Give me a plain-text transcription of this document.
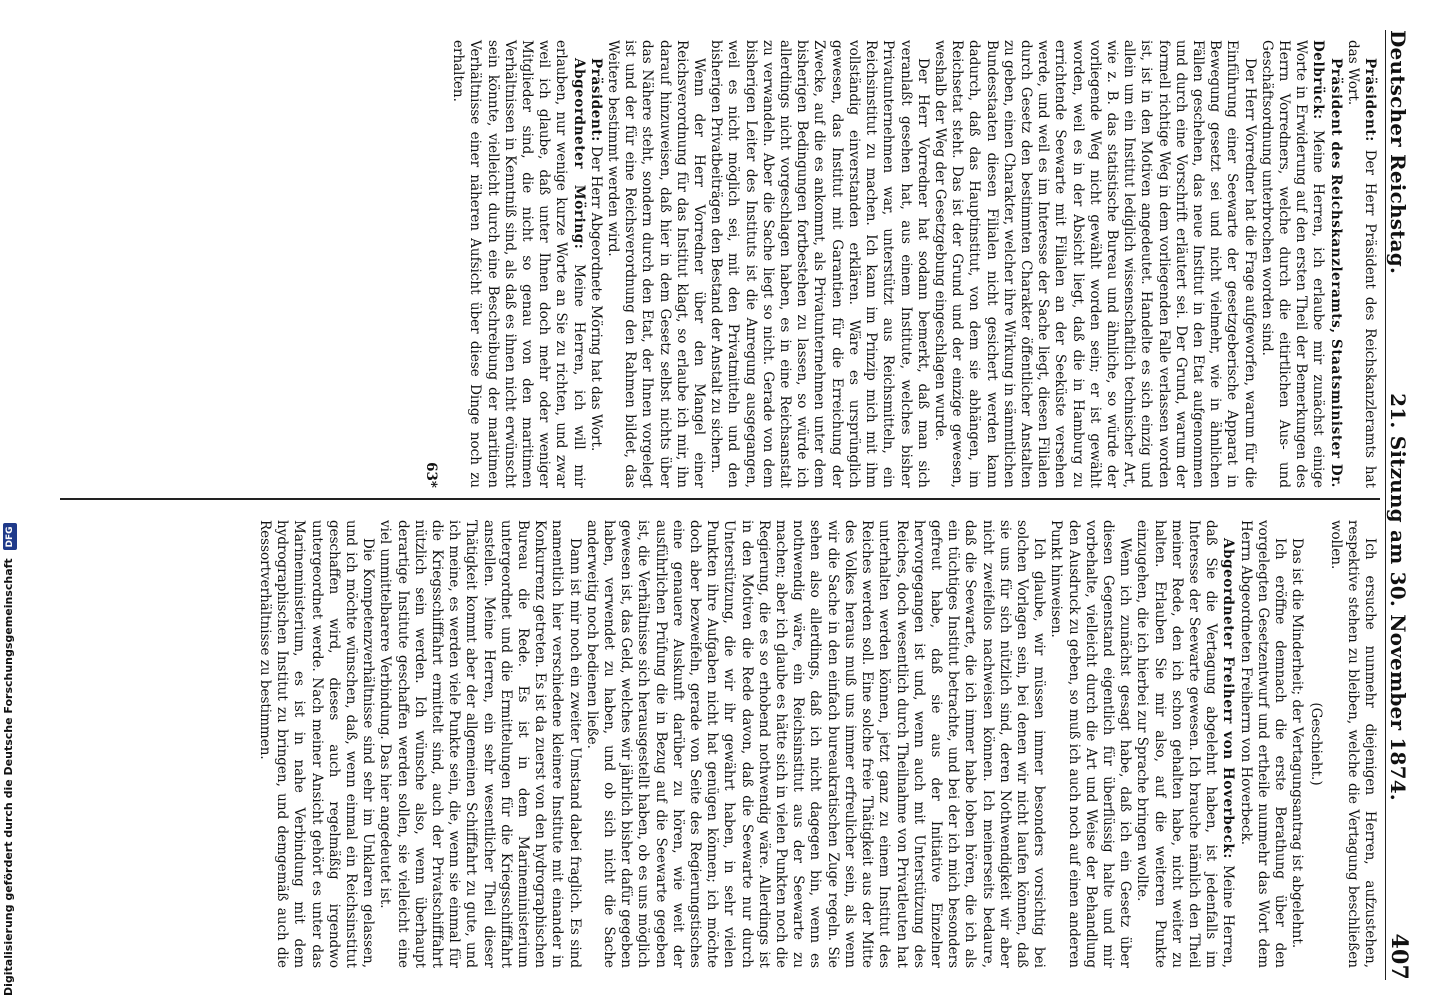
Deutscher Reichstag.
21. Sitzung am 30. November 1874.
407

Präsident: Der Herr Präsident des Reichskanzleramts hat das Wort.

Präsident des Reichskanzleramts, Staatsminister Dr. Delbrück: Meine Herren, ich erlaube mir zunächst einige Worte in Erwiderung auf den ersten Theil der Bemerkungen des Herrn Vorredners, welche durch die eitirtlichen Aus- und Geschäftsordnung unterbrochen worden sind.

Der Herr Vorredner hat die Frage aufgeworfen, warum für die Einführung einer Seewarte der gesetzgeberische Apparat in Bewegung gesetzt sei und nicht vielmehr, wie in ähnlichen Fällen geschehen, das neue Institut in den Etat aufgenommen und durch eine Vorschrift erläutert sei. Der Grund, warum der formell richtige Weg in dem vorliegenden Falle verlassen worden ist, ist in den Motiven angedeutet. Handelte es sich einzig und allein um ein Institut lediglich wissenschaftlich technischer Art, wie z. B. das statistische Bureau und ähnliche, so würde der vorliegende Weg nicht gewählt worden sein; er ist gewählt worden, weil es in der Absicht liegt, daß die in Hamburg zu errichtende Seewarte mit Filialen an der Seeküste versehen werde, und weil es im Interesse der Sache liegt, diesen Filialen durch Gesetz den bestimmten Charakter öffentlicher Anstalten zu geben, einen Charakter, welcher ihre Wirkung in sämmtlichen Bundesstaaten diesen Filialen nicht gesichert werden kann dadurch, daß das Hauptinstitut, von dem sie abhängen, im Reichsetat steht. Das ist der Grund und der einzige gewesen, weshalb der Weg der Gesetzgebung eingeschlagen wurde.

Der Herr Vorredner hat sodann bemerkt, daß man sich veranlaßt gesehen hat, aus einem Institute, welches bisher Privatunternehmen war, unterstützt aus Reichsmitteln, ein Reichsinstitut zu machen. Ich kann im Prinzip mich mit ihm vollständig einverstanden erklären. Wäre es ursprünglich gewesen, das Institut mit Garantien für die Erreichung der Zwecke, auf die es ankommt, als Privatunternehmen unter dem bisherigen Bedingungen fortbestehen zu lassen, so würde ich allerdings nicht vorgeschlagen haben, es in eine Reichsanstalt zu verwandeln. Aber die Sache liegt so nicht. Gerade von dem bisherigen Leiter des Instituts ist die Anregung ausgegangen, weil es nicht möglich sei, mit den Privatmitteln und den bisherigen Privatbeiträgen den Bestand der Anstalt zu sichern.

Wenn der Herr Vorredner über den Mangel einer Reichsverordnung für das Institut klagt, so erlaube ich mir, ihn darauf hinzuweisen, daß hier in dem Gesetz selbst nichts über das Nähere steht, sondern durch den Etat, der Ihnen vorgelegt ist und der für eine Reichsverordnung den Rahmen bildet, das Weitere bestimmt werden wird.

Präsident: Der Herr Abgeordnete Möring hat das Wort.

Abgeordneter Möring: Meine Herren, ich will mir erlauben, nur wenige kurze Worte an Sie zu richten, und zwar weil ich glaube, daß unter Ihnen doch mehr oder weniger Mitglieder sind, die nicht so genau von den maritimen Verhältnissen in Kenntniß sind, als daß es ihnen nicht erwünscht sein könnte, vielleicht durch eine Beschreibung der maritimen Verhältnisse einer näheren Aufsicht über diese Dinge noch zu erhalten.

63*

Ich ersuche nunmehr diejenigen Herren, aufzustehen, respektive stehen zu bleiben, welche die Vertagung beschließen wollen.

(Geschieht.)

Das ist die Minderheit; der Vertagungsantrag ist abgelehnt.

Ich eröffne demnach die erste Berathung über den vorgelegten Gesetzentwurf und ertheile nunmehr das Wort dem Herrn Abgeordneten Freiherrn von Hoverbeck.

Abgeordneter Freiherr von Hoverbeck: Meine Herren, daß Sie die Vertagung abgelehnt haben, ist jedenfalls im Interesse der Seewarte gewesen. Ich brauche nämlich den Theil meiner Rede, den ich schon gehalten habe, nicht weiter zu halten. Erlauben Sie mir also, auf die weiteren Punkte einzugehen, die ich hierbei zur Sprache bringen wollte.

Wenn ich zunächst gesagt habe, daß ich ein Gesetz über diesen Gegenstand eigentlich für überflüssig halte und mir vorbehalte, vielleicht durch die Art und Weise der Behandlung den Ausdruck zu geben, so muß ich auch noch auf einen anderen Punkt hinweisen.

Ich glaube, wir müssen immer besonders vorsichtig bei solchen Vorlagen sein, bei denen wir nicht laufen können, daß sie uns für sich nützlich sind, deren Nothwendigkeit wir aber nicht zweifellos nachweisen können. Ich meinerseits bedaure, daß die Seewarte, die ich immer habe loben hören, die ich als ein tüchtiges Institut betrachte, und bei der ich mich besonders gefreut habe, daß sie aus der Initiative Einzelner hervorgegangen ist und, wenn auch mit Unterstützung des Reiches, doch wesentlich durch Theilnahme von Privatleuten hat unterhalten werden können, jetzt ganz zu einem Institut des Reiches werden soll. Eine solche freie Thätigkeit aus der Mitte des Volkes heraus muß uns immer erfreulicher sein, als wenn wir die Sache in den einfach bureaukratischen Zuge regeln. Sie sehen also allerdings, daß ich nicht dagegen bin, wenn es nothwendig wäre, ein Reichsinstitut aus der Seewarte zu machen; aber ich glaube es hätte sich in vielen Punkten noch die Regierung, die es so erhobend nothwendig wäre. Allerdings ist in den Motiven die Rede davon, daß die Seewarte nur durch Unterstützung, die wir ihr gewährt haben, in sehr vielen Punkten ihre Aufgaben nicht hat genügen können; ich möchte doch aber bezweifeln, gerade von Seite des Regierungstisches eine genauere Auskunft darüber zu hören, wie weit der ausführlichen Prüfung die in Bezug auf die Seewarte gegeben ist, die Verhältnisse sich herausgestellt haben, ob es uns möglich gewesen ist, das Geld, welches wir jährlich bisher dafür gegeben haben, verwendet zu haben, und ob sich nicht die Sache anderweitig noch bedienen ließe.

Dann ist mir noch ein zweiter Umstand dabei fraglich. Es sind namentlich hier verschiedene kleinere Institute mit einander in Konkurrenz getreten. Es ist da zuerst von den hydrographischen Bureau die Rede. Es ist in dem Marineministerium untergeordnet und die Ermittelungen für die Kriegsschifffahrt anstellen. Meine Herren, ein sehr wesentlicher Theil dieser Thätigkeit kommt aber der allgemeinen Schifffahrt zu gute, und ich meine, es werden viele Punkte sein, die, wenn sie einmal für die Kriegsschifffahrt ermittelt sind, auch der Privatschifffahrt nützlich sein werden. Ich wünsche also, wenn überhaupt derartige Institute geschaffen werden sollen, sie vielleicht eine viel unmittelbarere Verbindung. Das hier angedeutet ist.

Die Kompetenzverhältnisse sind sehr im Unklaren gelassen, und ich möchte wünschen, daß, wenn einmal ein Reichsinstitut geschaffen wird, dieses auch regelmäßig irgendwo untergeordnet werde. Nach meiner Ansicht gehört es unter das Marineministerium, es ist in nahe Verbindung mit dem hydrographischen Institut zu bringen, und demgemäß auch die Ressortverhältnisse zu bestimmen.

Digitalisierung gefördert durch die Deutsche Forschungsgemeinschaft DFG
